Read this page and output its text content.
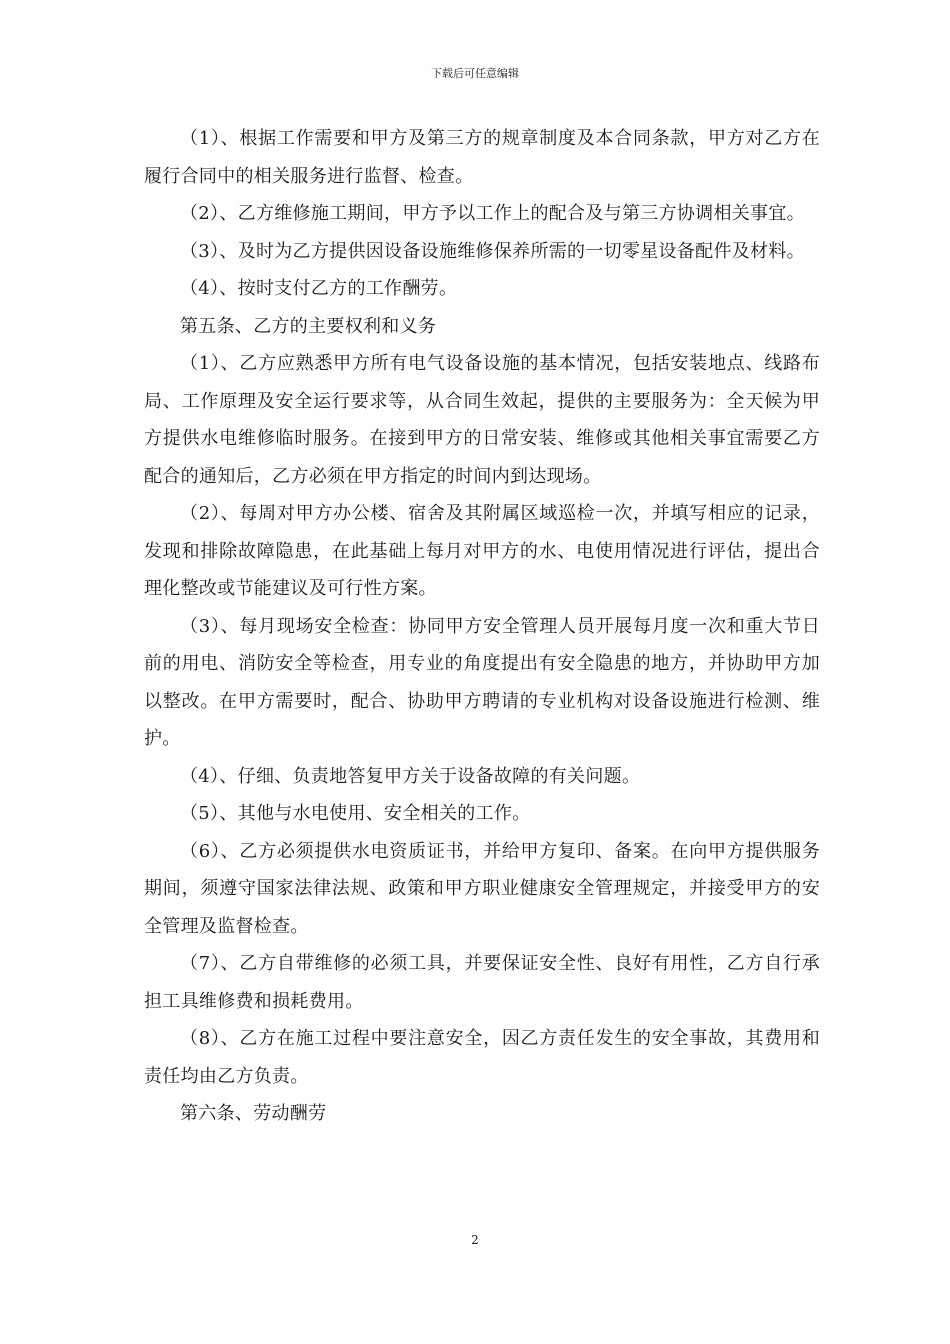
下载后可任意编辑

（1）、根据工作需要和甲方及第三方的规章制度及本合同条款，甲方对乙方在履行合同中的相关服务进行监督、检查。

（2）、乙方维修施工期间，甲方予以工作上的配合及与第三方协调相关事宜。

（3）、及时为乙方提供因设备设施维修保养所需的一切零星设备配件及材料。

（4）、按时支付乙方的工作酬劳。

第五条、乙方的主要权利和义务

（1）、乙方应熟悉甲方所有电气设备设施的基本情况，包括安装地点、线路布局、工作原理及安全运行要求等，从合同生效起，提供的主要服务为：全天候为甲方提供水电维修临时服务。在接到甲方的日常安装、维修或其他相关事宜需要乙方配合的通知后，乙方必须在甲方指定的时间内到达现场。

（2）、每周对甲方办公楼、宿舍及其附属区域巡检一次，并填写相应的记录，发现和排除故障隐患，在此基础上每月对甲方的水、电使用情况进行评估，提出合理化整改或节能建议及可行性方案。

（3）、每月现场安全检查：协同甲方安全管理人员开展每月度一次和重大节日前的用电、消防安全等检查，用专业的角度提出有安全隐患的地方，并协助甲方加以整改。在甲方需要时，配合、协助甲方聘请的专业机构对设备设施进行检测、维护。

（4）、仔细、负责地答复甲方关于设备故障的有关问题。

（5）、其他与水电使用、安全相关的工作。

（6）、乙方必须提供水电资质证书，并给甲方复印、备案。在向甲方提供服务期间，须遵守国家法律法规、政策和甲方职业健康安全管理规定，并接受甲方的安全管理及监督检查。

（7）、乙方自带维修的必须工具，并要保证安全性、良好有用性，乙方自行承担工具维修费和损耗费用。

（8）、乙方在施工过程中要注意安全，因乙方责任发生的安全事故，其费用和责任均由乙方负责。

第六条、劳动酬劳

2
